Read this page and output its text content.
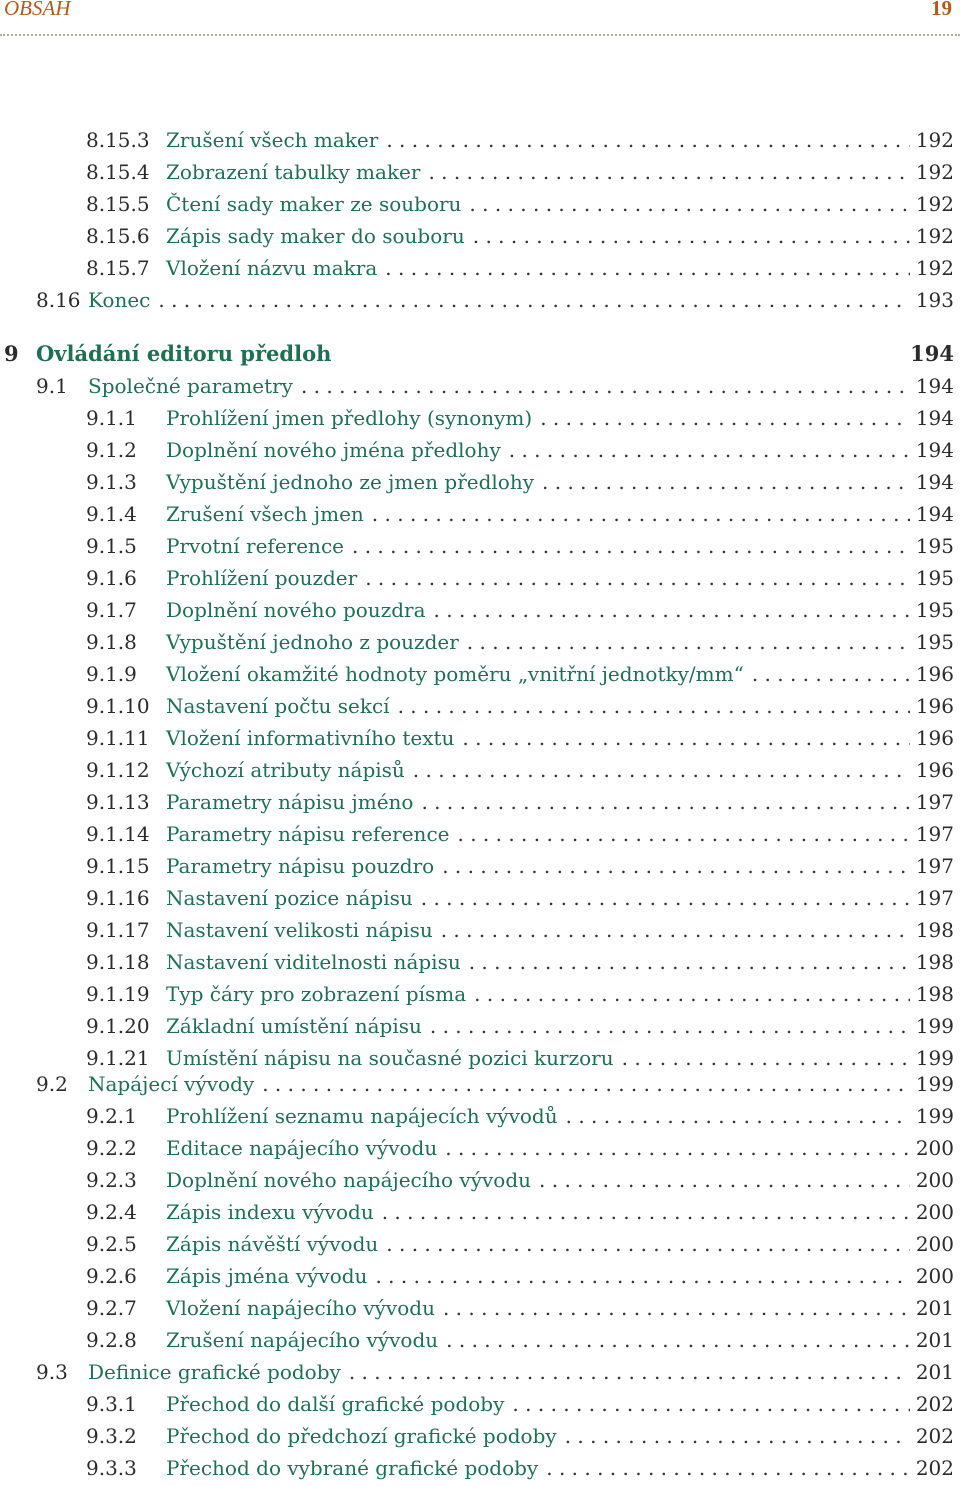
OBSAH	19
8.15.3 Zrušení všech maker . . .	192
8.15.4 Zobrazení tabulky maker . . .	192
8.15.5 Čtení sady maker ze souboru . . .	192
8.15.6 Zápis sady maker do souboru . . .	192
8.15.7 Vložení názvu makra . . .	192
8.16 Konec . . .	193
9 Ovládání editoru předloh	194
9.1	Společné parametry . . .	194
9.1.1	Prohlížení jmen předlohy (synonym) . . .	194
9.1.2	Doplnění nového jména předlohy . . .	194
9.1.3	Vypuštění jednoho ze jmen předlohy . . .	194
9.1.4	Zrušení všech jmen . . .	194
9.1.5	Prvotní reference . . .	195
9.1.6	Prohlížení pouzder . . .	195
9.1.7	Doplnění nového pouzdra . . .	195
9.1.8	Vypuštění jednoho z pouzder . . .	195
9.1.9	Vložení okamžité hodnoty poměru „vnitřní jednotky/mm“ . . .	196
9.1.10 Nastavení počtu sekcí . . .	196
9.1.11 Vložení informativního textu . . .	196
9.1.12 Výchozí atributy nápisů . . .	196
9.1.13 Parametry nápisu jméno . . .	197
9.1.14 Parametry nápisu reference . . .	197
9.1.15 Parametry nápisu pouzdro . . .	197
9.1.16 Nastavení pozice nápisu . . .	197
9.1.17 Nastavení velikosti nápisu . . .	198
9.1.18 Nastavení viditelnosti nápisu . . .	198
9.1.19 Typ čáry pro zobrazení písma . . .	198
9.1.20 Základní umístění nápisu . . .	199
9.1.21 Umístění nápisu na současné pozici kurzoru . . .	199
9.2	Napájecí vývody . . .	199
9.2.1	Prohlížení seznamu napájecích vývodů . . .	199
9.2.2	Editace napájecího vývodu . . .	200
9.2.3	Doplnění nového napájecího vývodu . . .	200
9.2.4	Zápis indexu vývodu . . .	200
9.2.5	Zápis návěští vývodu . . .	200
9.2.6	Zápis jména vývodu . . .	200
9.2.7	Vložení napájecího vývodu . . .	201
9.2.8	Zrušení napájecího vývodu . . .	201
9.3	Definice grafické podoby . . .	201
9.3.1	Přechod do další grafické podoby . . .	202
9.3.2	Přechod do předchozí grafické podoby . . .	202
9.3.3	Přechod do vybrané grafické podoby . . .	202
